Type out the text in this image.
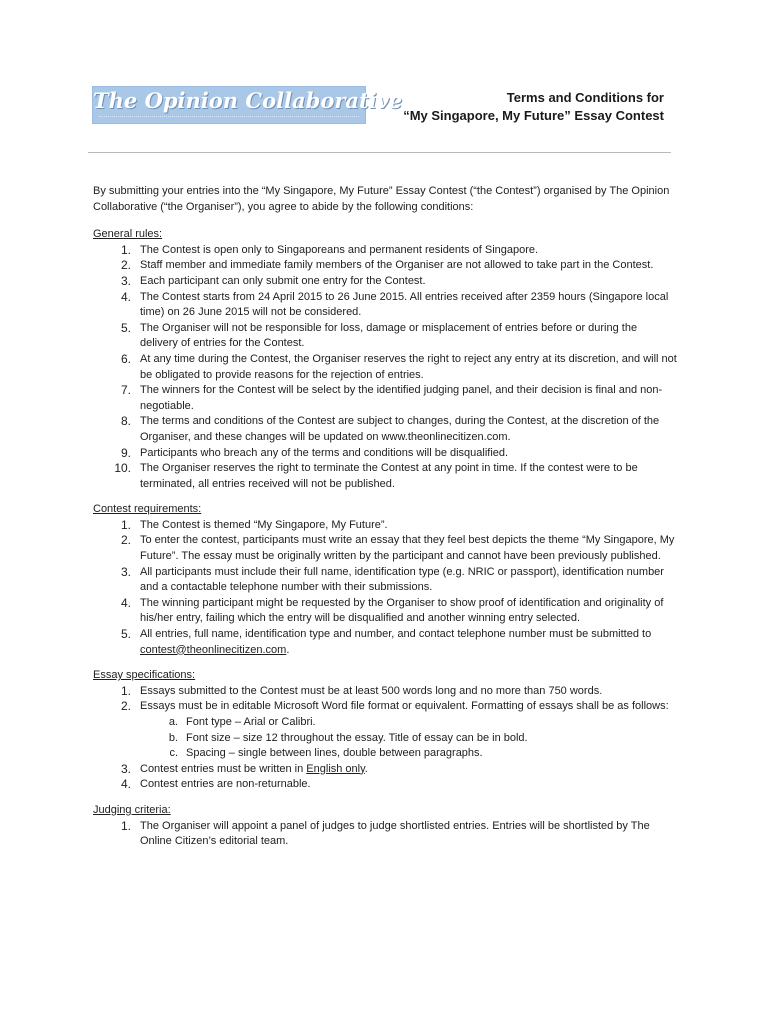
The Opinion Collaborative	Terms and Conditions for
“My Singapore, My Future” Essay Contest

By submitting your entries into the “My Singapore, My Future” Essay Contest (“the Contest”) organised by The Opinion Collaborative (“the Organiser”), you agree to abide by the following conditions:

General rules:
1. The Contest is open only to Singaporeans and permanent residents of Singapore.
2. Staff member and immediate family members of the Organiser are not allowed to take part in the Contest.
3. Each participant can only submit one entry for the Contest.
4. The Contest starts from 24 April 2015 to 26 June 2015. All entries received after 2359 hours (Singapore local time) on 26 June 2015 will not be considered.
5. The Organiser will not be responsible for loss, damage or misplacement of entries before or during the delivery of entries for the Contest.
6. At any time during the Contest, the Organiser reserves the right to reject any entry at its discretion, and will not be obligated to provide reasons for the rejection of entries.
7. The winners for the Contest will be select by the identified judging panel, and their decision is final and non-negotiable.
8. The terms and conditions of the Contest are subject to changes, during the Contest, at the discretion of the Organiser, and these changes will be updated on www.theonlinecitizen.com.
9. Participants who breach any of the terms and conditions will be disqualified.
10. The Organiser reserves the right to terminate the Contest at any point in time. If the contest were to be terminated, all entries received will not be published.
Contest requirements:
1. The Contest is themed “My Singapore, My Future”.
2. To enter the contest, participants must write an essay that they feel best depicts the theme “My Singapore, My Future”. The essay must be originally written by the participant and cannot have been previously published.
3. All participants must include their full name, identification type (e.g. NRIC or passport), identification number and a contactable telephone number with their submissions.
4. The winning participant might be requested by the Organiser to show proof of identification and originality of his/her entry, failing which the entry will be disqualified and another winning entry selected.
5. All entries, full name, identification type and number, and contact telephone number must be submitted to contest@theonlinecitizen.com.
Essay specifications:
1. Essays submitted to the Contest must be at least 500 words long and no more than 750 words.
2. Essays must be in editable Microsoft Word file format or equivalent. Formatting of essays shall be as follows:
a. Font type – Arial or Calibri.
b. Font size – size 12 throughout the essay. Title of essay can be in bold.
c. Spacing – single between lines, double between paragraphs.
3. Contest entries must be written in English only.
4. Contest entries are non-returnable.
Judging criteria:
1. The Organiser will appoint a panel of judges to judge shortlisted entries. Entries will be shortlisted by The Online Citizen’s editorial team.
